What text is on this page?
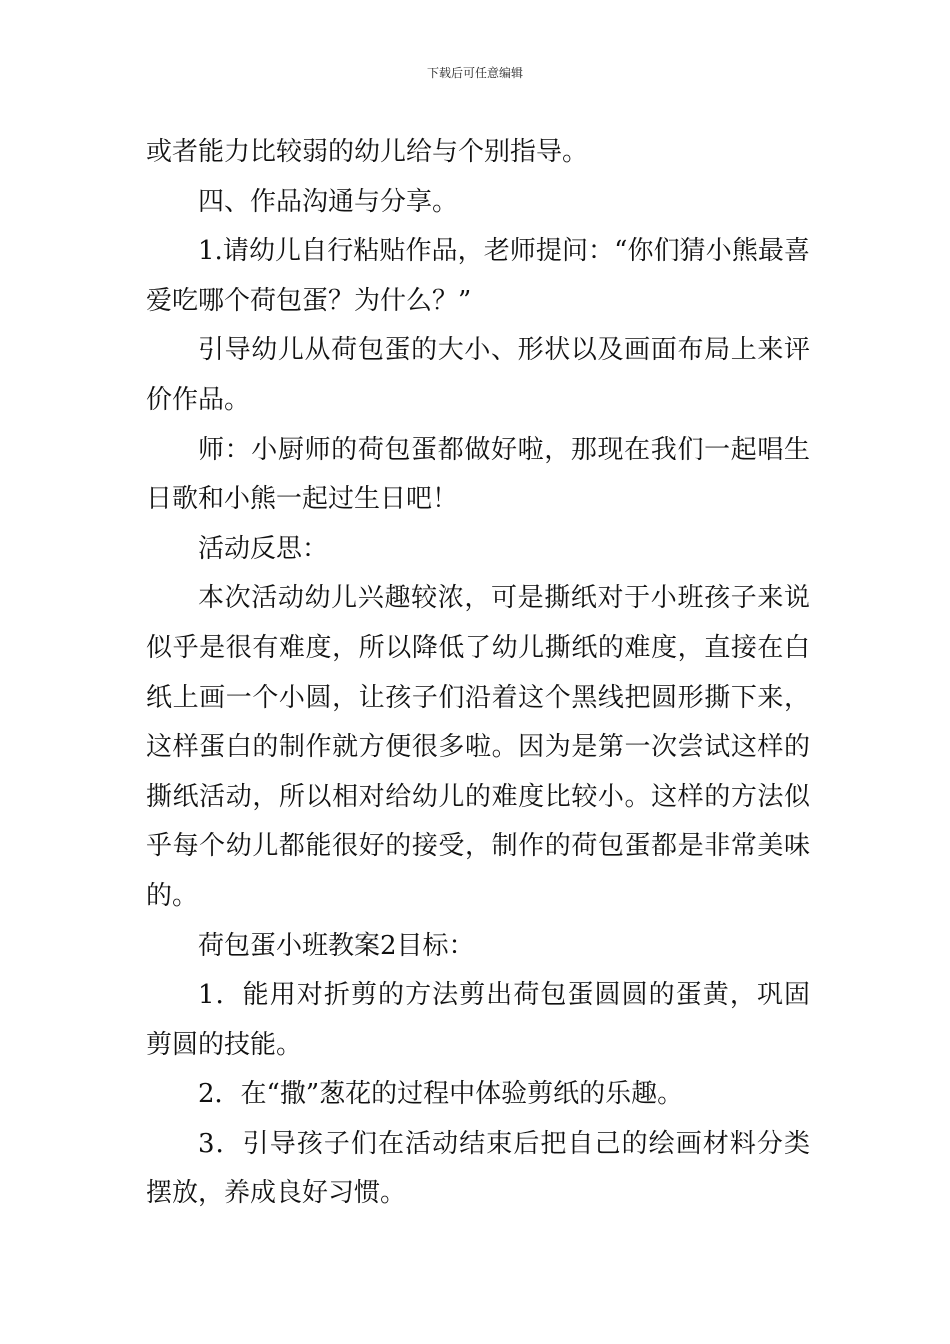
下载后可任意编辑

或者能力比较弱的幼儿给与个别指导。

四、作品沟通与分享。

1.请幼儿自行粘贴作品，老师提问：“你们猜小熊最喜爱吃哪个荷包蛋？为什么？”

引导幼儿从荷包蛋的大小、形状以及画面布局上来评价作品。

师：小厨师的荷包蛋都做好啦，那现在我们一起唱生日歌和小熊一起过生日吧！

活动反思：

本次活动幼儿兴趣较浓，可是撕纸对于小班孩子来说似乎是很有难度，所以降低了幼儿撕纸的难度，直接在白纸上画一个小圆，让孩子们沿着这个黑线把圆形撕下来，这样蛋白的制作就方便很多啦。因为是第一次尝试这样的撕纸活动，所以相对给幼儿的难度比较小。这样的方法似乎每个幼儿都能很好的接受，制作的荷包蛋都是非常美味的。

荷包蛋小班教案2目标：

1．能用对折剪的方法剪出荷包蛋圆圆的蛋黄，巩固剪圆的技能。

2．在“撒”葱花的过程中体验剪纸的乐趣。

3．引导孩子们在活动结束后把自己的绘画材料分类摆放，养成良好习惯。
